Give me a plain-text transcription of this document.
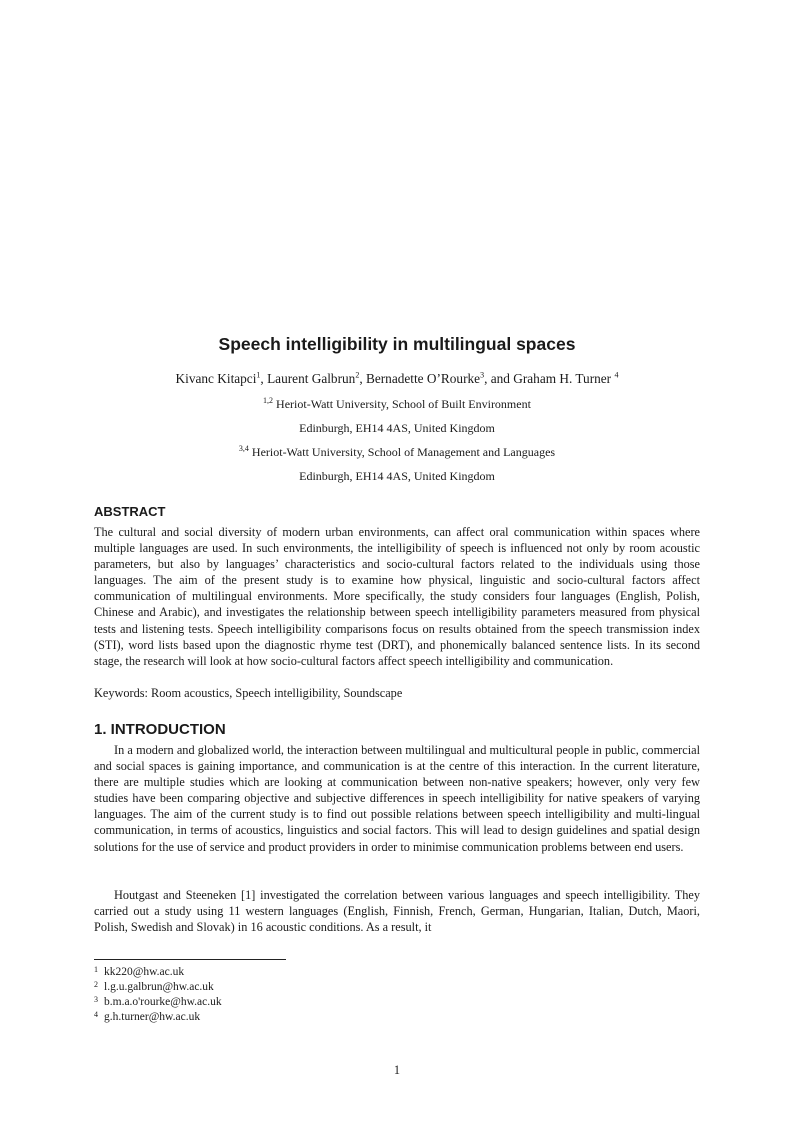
Speech intelligibility in multilingual spaces

Kivanc Kitapci$^1$, Laurent Galbrun$^2$, Bernadette O’Rourke$^3$, and Graham H. Turner $^4$

$^{1,2}$ Heriot-Watt University, School of Built Environment

Edinburgh, EH14 4AS, United Kingdom

$^{3,4}$ Heriot-Watt University, School of Management and Languages

Edinburgh, EH14 4AS, United Kingdom

ABSTRACT

The cultural and social diversity of modern urban environments, can affect oral communication within spaces where multiple languages are used. In such environments, the intelligibility of speech is influenced not only by room acoustic parameters, but also by languages’ characteristics and socio-cultural factors related to the individuals using those languages. The aim of the present study is to examine how physical, linguistic and socio-cultural factors affect communication of multilingual environments. More specifically, the study considers four languages (English, Polish, Chinese and Arabic), and investigates the relationship between speech intelligibility parameters measured from physical tests and listening tests. Speech intelligibility comparisons focus on results obtained from the speech transmission index (STI), word lists based upon the diagnostic rhyme test (DRT), and phonemically balanced sentence lists. In its second stage, the research will look at how socio-cultural factors affect speech intelligibility and communication.

Keywords: Room acoustics, Speech intelligibility, Soundscape

1. INTRODUCTION

In a modern and globalized world, the interaction between multilingual and multicultural people in public, commercial and social spaces is gaining importance, and communication is at the centre of this interaction. In the current literature, there are multiple studies which are looking at communication between non-native speakers; however, only very few studies have been comparing objective and subjective differences in speech intelligibility for native speakers of varying languages. The aim of the current study is to find out possible relations between speech intelligibility and multi-lingual communication, in terms of acoustics, linguistics and social factors. This will lead to design guidelines and spatial design solutions for the use of service and product providers in order to minimise communication problems between end users.

Houtgast and Steeneken [1] investigated the correlation between various languages and speech intelligibility. They carried out a study using 11 western languages (English, Finnish, French, German, Hungarian, Italian, Dutch, Maori, Polish, Swedish and Slovak) in 16 acoustic conditions. As a result, it

1 kk220@hw.ac.uk
2 l.g.u.galbrun@hw.ac.uk
3 b.m.a.o'rourke@hw.ac.uk
4 g.h.turner@hw.ac.uk

1
